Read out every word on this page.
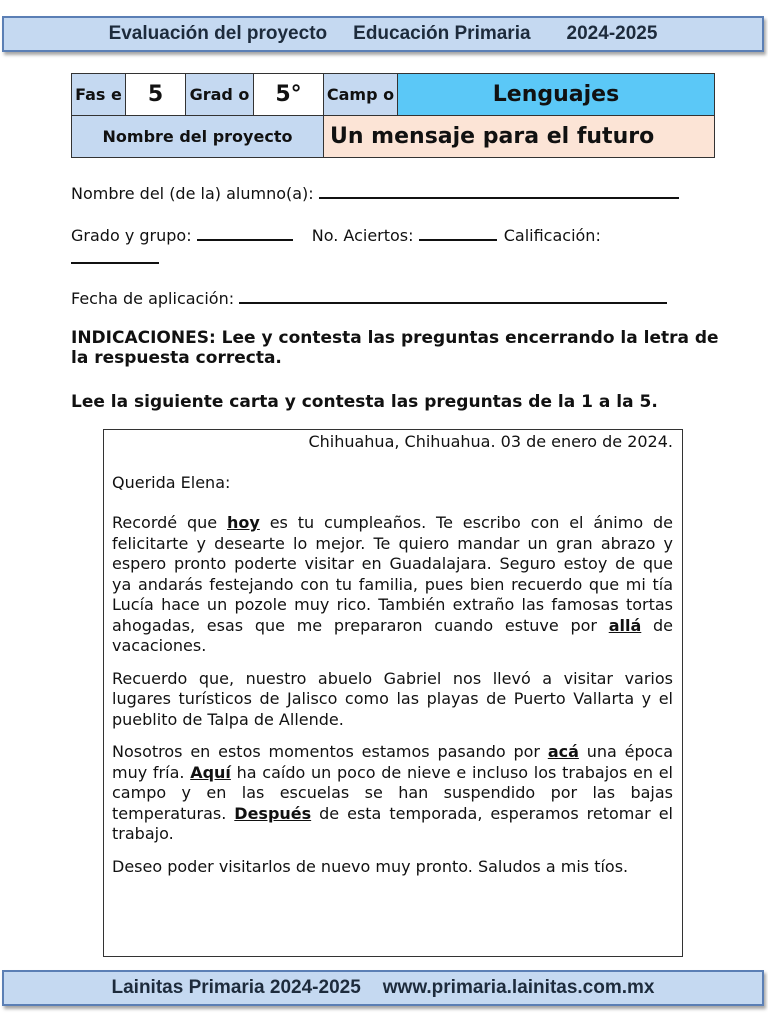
Evaluación del proyecto Educación Primaria 2024-2025
Fas e	5	Grad o	5°	Camp o	Lenguajes
Nombre del proyecto				Un mensaje para el futuro	
Nombre del (de la) alumno(a):
Grado y grupo:	No. Aciertos:	Calificación:

Fecha de aplicación:
INDICACIONES: Lee y contesta las preguntas encerrando la letra de la respuesta correcta.
Lee la siguiente carta y contesta las preguntas de la 1 a la 5.

Chihuahua, Chihuahua. 03 de enero de 2024.

Querida Elena:

Recordé que hoy es tu cumpleaños. Te escribo con el ánimo de felicitarte y desearte lo mejor. Te quiero mandar un gran abrazo y espero pronto poderte visitar en Guadalajara. Seguro estoy de que ya andarás festejando con tu familia, pues bien recuerdo que mi tía Lucía hace un pozole muy rico. También extraño las famosas tortas ahogadas, esas que me prepararon cuando estuve por allá de vacaciones.

Recuerdo que, nuestro abuelo Gabriel nos llevó a visitar varios lugares turísticos de Jalisco como las playas de Puerto Vallarta y el pueblito de Talpa de Allende.

Nosotros en estos momentos estamos pasando por acá una época muy fría. Aquí ha caído un poco de nieve e incluso los trabajos en el campo y en las escuelas se han suspendido por las bajas temperaturas. Después de esta temporada, esperamos retomar el trabajo.

Deseo poder visitarlos de nuevo muy pronto. Saludos a mis tíos.

Lainitas Primaria 2024-2025 www.primaria.lainitas.com.mx
